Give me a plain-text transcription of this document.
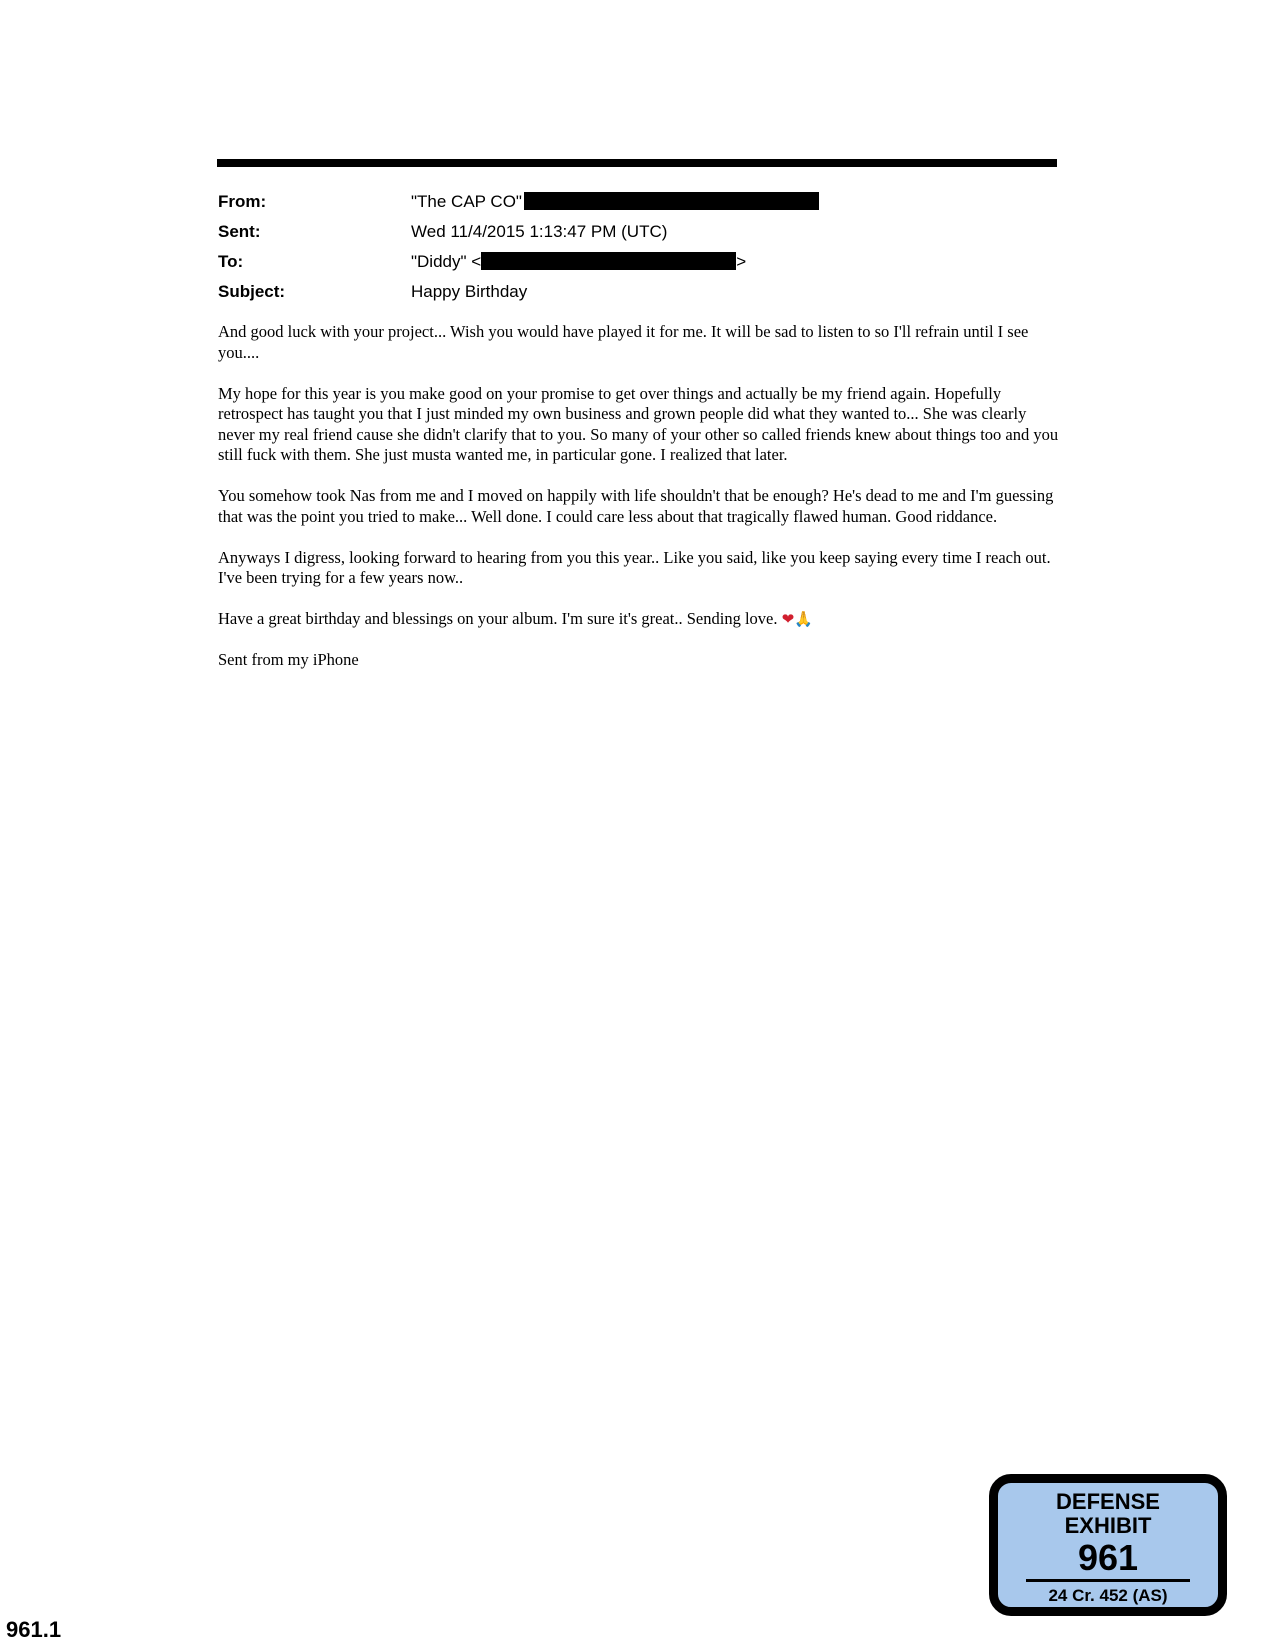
From:	"The CAP CO"
Sent:	Wed 11/4/2015 1:13:47 PM (UTC)
To:	"Diddy" <	>
Subject:	Happy Birthday

And good luck with your project... Wish you would have played it for me. It will be sad to listen to so I'll refrain until I see you....

My hope for this year is you make good on your promise to get over things and actually be my friend again. Hopefully retrospect has taught you that I just minded my own business and grown people did what they wanted to... She was clearly never my real friend cause she didn't clarify that to you. So many of your other so called friends knew about things too and you still fuck with them. She just musta wanted me, in particular gone. I realized that later.

You somehow took Nas from me and I moved on happily with life shouldn't that be enough? He's dead to me and I'm guessing that was the point you tried to make... Well done. I could care less about that tragically flawed human. Good riddance.

Anyways I digress, looking forward to hearing from you this year.. Like you said, like you keep saying every time I reach out. I've been trying for a few years now..

Have a great birthday and blessings on your album. I'm sure it's great.. Sending love. ❤🙏

Sent from my iPhone

DEFENSE
EXHIBIT
961
24 Cr. 452 (AS)
961.1
